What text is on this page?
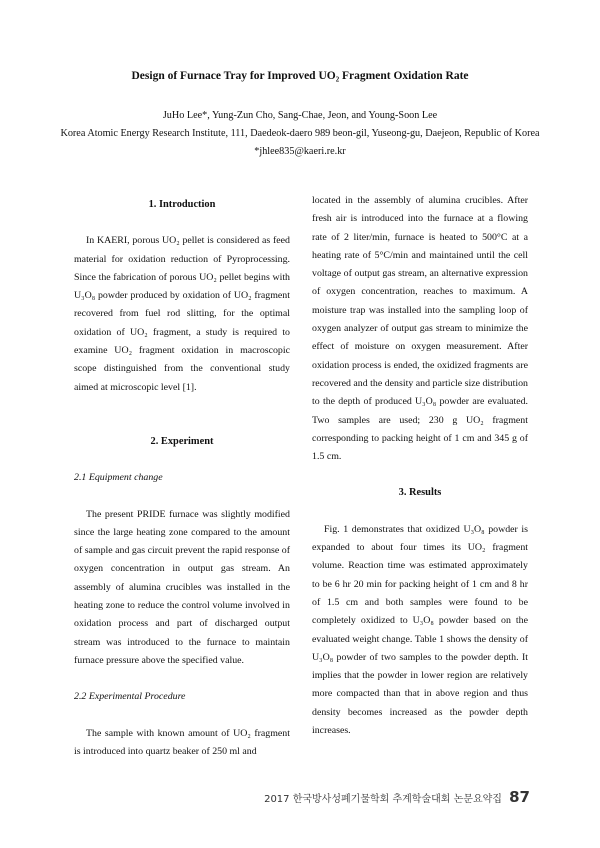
Design of Furnace Tray for Improved UO₂ Fragment Oxidation Rate
JuHo Lee*, Yung-Zun Cho, Sang-Chae, Jeon, and Young-Soon Lee
Korea Atomic Energy Research Institute, 111, Daedeok-daero 989 beon-gil, Yuseong-gu, Daejeon, Republic of Korea
*jhlee835@kaeri.re.kr

1. Introduction

In KAERI, porous UO₂ pellet is considered as feed material for oxidation reduction of Pyroprocessing. Since the fabrication of porous UO₂ pellet begins with U₃O₈ powder produced by oxidation of UO₂ fragment recovered from fuel rod slitting, for the optimal oxidation of UO₂ fragment, a study is required to examine UO₂ fragment oxidation in macroscopic scope distinguished from the conventional study aimed at microscopic level [1].

2. Experiment

2.1 Equipment change

The present PRIDE furnace was slightly modified since the large heating zone compared to the amount of sample and gas circuit prevent the rapid response of oxygen concentration in output gas stream. An assembly of alumina crucibles was installed in the heating zone to reduce the control volume involved in oxidation process and part of discharged output stream was introduced to the furnace to maintain furnace pressure above the specified value.

2.2 Experimental Procedure

The sample with known amount of UO₂ fragment is introduced into quartz beaker of 250 ml and

located in the assembly of alumina crucibles. After fresh air is introduced into the furnace at a flowing rate of 2 liter/min, furnace is heated to 500°C at a heating rate of 5°C/min and maintained until the cell voltage of output gas stream, an alternative expression of oxygen concentration, reaches to maximum. A moisture trap was installed into the sampling loop of oxygen analyzer of output gas stream to minimize the effect of moisture on oxygen measurement. After oxidation process is ended, the oxidized fragments are recovered and the density and particle size distribution to the depth of produced U₃O₈ powder are evaluated. Two samples are used; 230 g UO₂ fragment corresponding to packing height of 1 cm and 345 g of 1.5 cm.

3. Results

Fig. 1 demonstrates that oxidized U₃O₈ powder is expanded to about four times its UO₂ fragment volume. Reaction time was estimated approximately to be 6 hr 20 min for packing height of 1 cm and 8 hr of 1.5 cm and both samples were found to be completely oxidized to U₃O₈ powder based on the evaluated weight change. Table 1 shows the density of U₃O₈ powder of two samples to the powder depth. It implies that the powder in lower region are relatively more compacted than that in above region and thus density becomes increased as the powder depth increases.

2017 한국방사성폐기물학회 추계학술대회 논문요약집 87
